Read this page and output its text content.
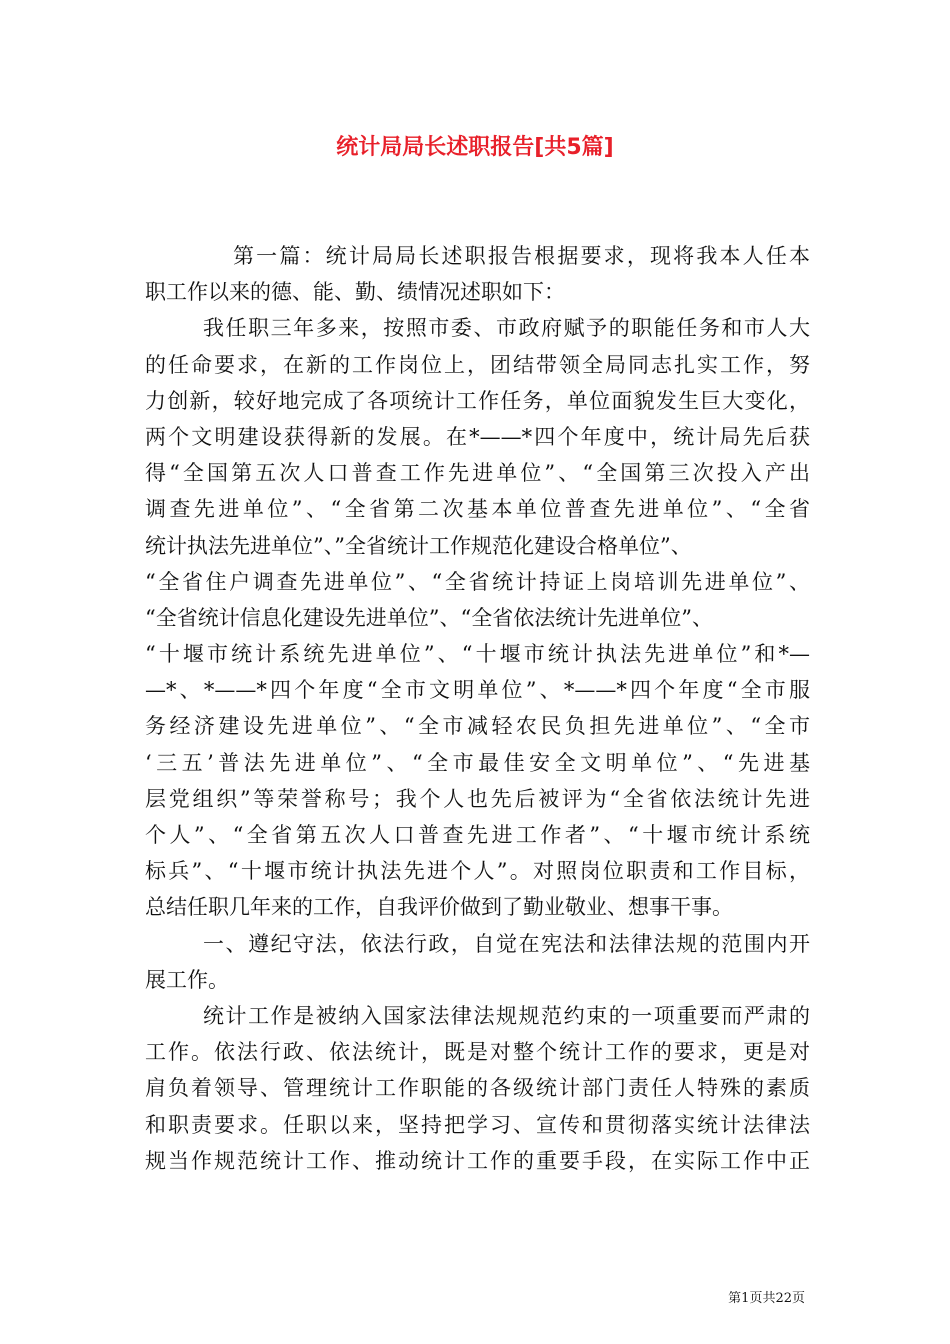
统计局局长述职报告[共5篇]
第一篇：统计局局长述职报告根据要求，现将我本人任本
职工作以来的德、能、勤、绩情况述职如下：
我任职三年多来，按照市委、市政府赋予的职能任务和市人大
的任命要求，在新的工作岗位上，团结带领全局同志扎实工作，努
力创新，较好地完成了各项统计工作任务，单位面貌发生巨大变化，
两个文明建设获得新的发展。在*——*四个年度中，统计局先后获
得“全国第五次人口普查工作先进单位”、“全国第三次投入产出
调查先进单位”、“全省第二次基本单位普查先进单位”、“全省
统计执法先进单位”、”全省统计工作规范化建设合格单位”、
“全省住户调查先进单位”、“全省统计持证上岗培训先进单位”、
“全省统计信息化建设先进单位”、“全省依法统计先进单位”、
“十堰市统计系统先进单位”、“十堰市统计执法先进单位”和*—
—*、*——*四个年度“全市文明单位”、*——*四个年度“全市服
务经济建设先进单位”、“全市减轻农民负担先进单位”、“全市
‘三五’普法先进单位”、“全市最佳安全文明单位”、“先进基
层党组织”等荣誉称号；我个人也先后被评为“全省依法统计先进
个人”、“全省第五次人口普查先进工作者”、“十堰市统计系统
标兵”、“十堰市统计执法先进个人”。对照岗位职责和工作目标，
总结任职几年来的工作，自我评价做到了勤业敬业、想事干事。
一、遵纪守法，依法行政，自觉在宪法和法律法规的范围内开
展工作。
统计工作是被纳入国家法律法规规范约束的一项重要而严肃的
工作。依法行政、依法统计，既是对整个统计工作的要求，更是对
肩负着领导、管理统计工作职能的各级统计部门责任人特殊的素质
和职责要求。任职以来，坚持把学习、宣传和贯彻落实统计法律法
规当作规范统计工作、推动统计工作的重要手段，在实际工作中正
第1页共22页
